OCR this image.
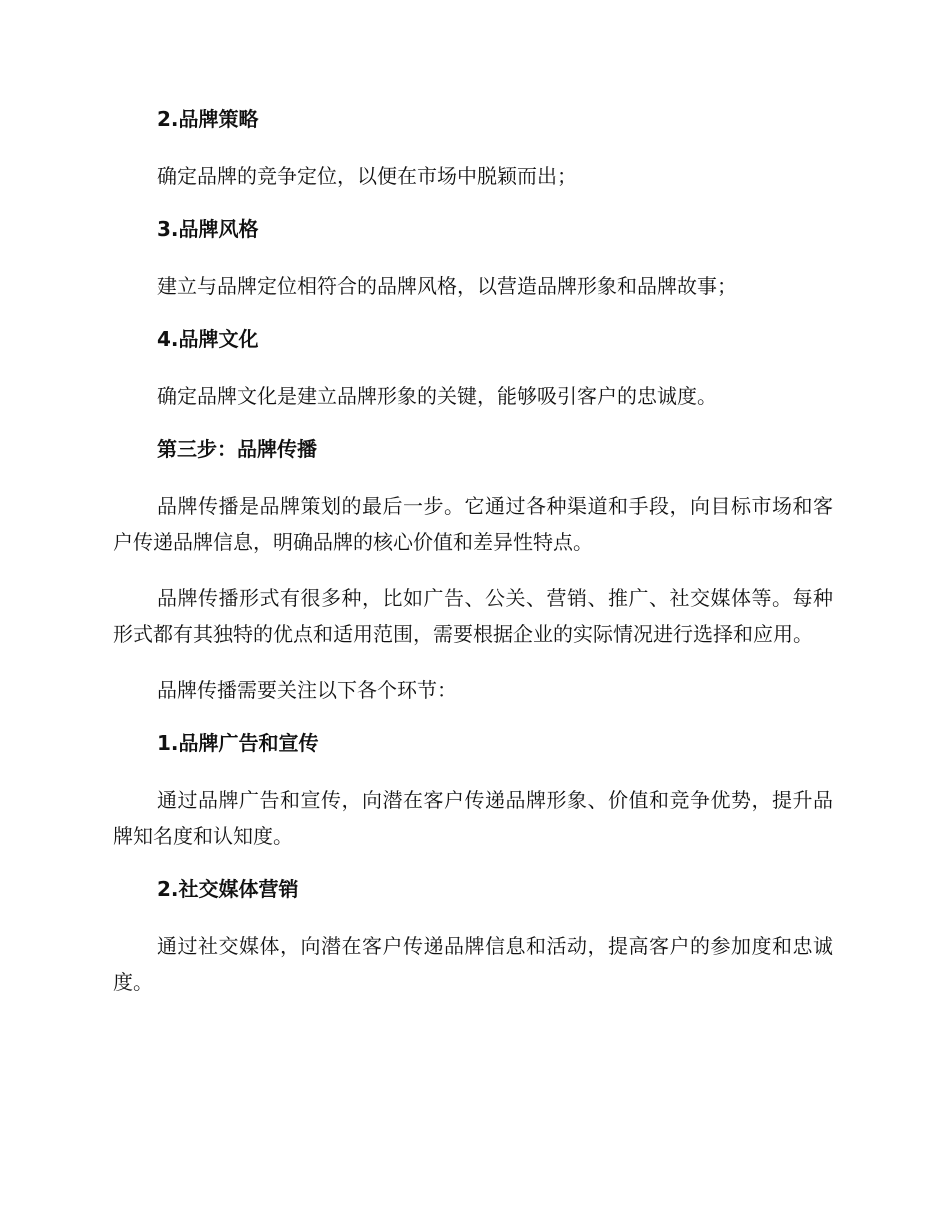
2.品牌策略
确定品牌的竞争定位，以便在市场中脱颖而出；
3.品牌风格
建立与品牌定位相符合的品牌风格，以营造品牌形象和品牌故事；
4.品牌文化
确定品牌文化是建立品牌形象的关键，能够吸引客户的忠诚度。
第三步：品牌传播
品牌传播是品牌策划的最后一步。它通过各种渠道和手段，向目标市场和客户传递品牌信息，明确品牌的核心价值和差异性特点。
品牌传播形式有很多种，比如广告、公关、营销、推广、社交媒体等。每种形式都有其独特的优点和适用范围，需要根据企业的实际情况进行选择和应用。
品牌传播需要关注以下各个环节：
1.品牌广告和宣传
通过品牌广告和宣传，向潜在客户传递品牌形象、价值和竞争优势，提升品牌知名度和认知度。
2.社交媒体营销
通过社交媒体，向潜在客户传递品牌信息和活动，提高客户的参加度和忠诚度。
